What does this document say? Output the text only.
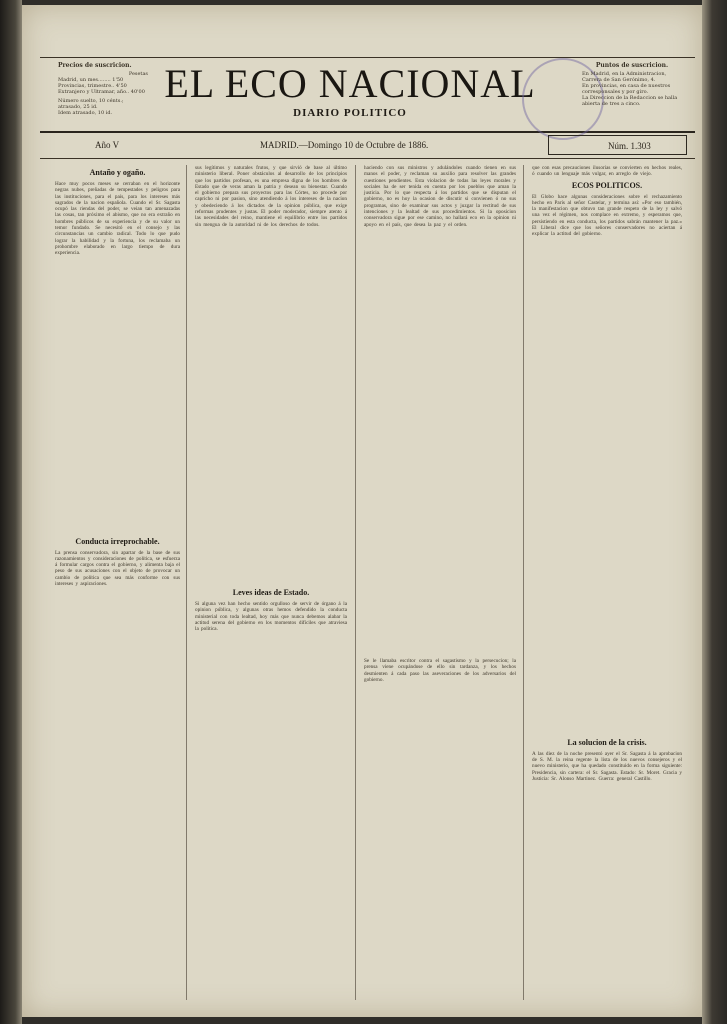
EL ECO NACIONAL
DIARIO POLITICO
Precios de suscricion.
Pesetas
Madrid, un mes........ 1'50
Provincias, trimestre.. 4'50
Extranjero y Ultramar, año.. 40'00
Número suelto, 10 cénts.; atrasado, 25 id.
Idem atrasado, 10 id.
Puntos de suscricion.
En Madrid, en la Administracion, Carrera de San Gerónimo, 4.
En provincias, en casa de nuestros corresponsales y por giro.
La Direccion de la Redaccion se halla abierta de tres a cinco.
Año V	MADRID.—Domingo 10 de Octubre de 1886.	Núm. 1.303
Antaño y ogaño.
Hace muy pocos meses se cerraban en el horizonte negras nubes, preñadas de tempestades y peligros para las instituciones, para el país, para los intereses más sagrados de la nacion española. Cuando el Sr. Sagasta ocupó las riendas del poder, se veian tan amenazadas las cosas, tan próximo el abismo, que no era extraño en hombres públicos de su experiencia y de su valor un temor fundado. Se necesitó en el consejo y las circunstancias un cambio radical. Todo lo que pudo lograr la habilidad y la fortuna, los reclamaba un prohombre elaborado en largo tiempo de dura experiencia.
Conducta irreprochable.
La prensa conservadora, sin apartar de la base de sus razonamientos y consideraciones de política, se esfuerza á formular cargos contra el gobierno, y alimenta baja el peso de sus acusaciones con el objeto de provocar un cambio de política que sea más conforme con sus intereses y aspiraciones.
sus legítimos y naturales frutos, y que sirvió de base al último ministerio liberal. Poner obstáculos al desarrollo de los principios que los partidos profesan, es una empresa digna de los hombres de Estado que de veras aman la patria y desean su bienestar. Cuando el gobierno prepara sus proyectos para las Córtes, no procede por capricho ni por pasion, sino atendiendo á los intereses de la nacion y obedeciendo á los dictados de la opinion pública, que exige reformas prudentes y justas. El poder moderador, siempre atento á las necesidades del reino, mantiene el equilibrio entre los partidos sin mengua de la autoridad ni de los derechos de todos.
Leves ideas de Estado.
Si alguna vez han hecho sentido orgulloso de servir de órgano á la opinion pública, y algunas otras hemos defendido la conducta ministerial con toda lealtad, hoy más que nunca debemos alabar la actitud serena del gobierno en los momentos difíciles que atraviesa la política.
haciendo con sus ministros y adulándoles cuando tienen en sus manos el poder, y reclaman su auxilio para resolver las grandes cuestiones pendientes. Esta violacion de todas las leyes morales y sociales ha de ser tenida en cuenta por los pueblos que aman la justicia. Por lo que respecta á los partidos que se disputan el gobierno, no es hoy la ocasion de discutir si convienen ó no sus programas, sino de examinar sus actos y juzgar la rectitud de sus intenciones y la lealtad de sus procedimientos. Si la oposicion conservadora sigue por ese camino, no hallará eco en la opinion ni apoyo en el país, que desea la paz y el orden.
Se le llamaba escritor contra el sagastismo y la persecucion; la prensa viene ocupándose de ello sin tardanza, y los hechos desmienten á cada paso las aseveraciones de los adversarios del gobierno.
que con esas precauciones ilusorias se convierten en hechos reales, ó cuando un lenguaje más vulgar, en arreglo de viejo.
ECOS POLITICOS.
El Globo hace algunas consideraciones sobre el rechazamiento hecho en París al señor Castelar, y termina así: «Por eso también, la manifestacion que obtuvo tan grande respeto de la ley y salvó una vez el régimen, nos complace en extremo, y esperamos que, persistiendo en esta conducta, los partidos sabrán mantener la paz.» El Liberal dice que los señores conservadores no aciertan á explicar la actitud del gobierno.
La solucion de la crisis.
A las diez de la noche presentó ayer el Sr. Sagasta á la aprobacion de S. M. la reina regente la lista de los nuevos consejeros y el nuevo ministerio, que ha quedado constituido en la forma siguiente: Presidencia, sin cartera: el Sr. Sagasta. Estado: Sr. Moret. Gracia y Justicia: Sr. Alonso Martinez. Guerra: general Castillo.
